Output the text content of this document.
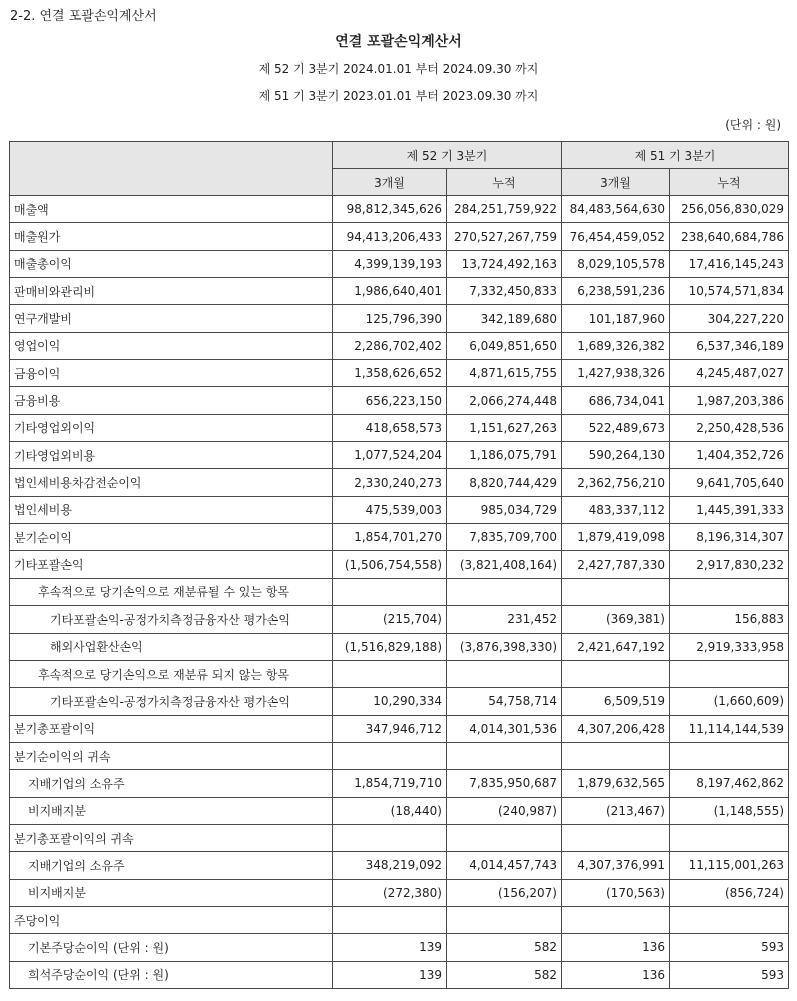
2-2. 연결 포괄손익계산서
연결 포괄손익계산서
제 52 기 3분기 2024.01.01 부터 2024.09.30 까지
제 51 기 3분기 2023.01.01 부터 2023.09.30 까지
(단위 : 원)
	제 52 기 3분기		제 51 기 3분기	
	3개월	누적	3개월	누적
매출액	98,812,345,626	284,251,759,922	84,483,564,630	256,056,830,029
매출원가	94,413,206,433	270,527,267,759	76,454,459,052	238,640,684,786
매출총이익	4,399,139,193	13,724,492,163	8,029,105,578	17,416,145,243
판매비와관리비	1,986,640,401	7,332,450,833	6,238,591,236	10,574,571,834
연구개발비	125,796,390	342,189,680	101,187,960	304,227,220
영업이익	2,286,702,402	6,049,851,650	1,689,326,382	6,537,346,189
금융이익	1,358,626,652	4,871,615,755	1,427,938,326	4,245,487,027
금융비용	656,223,150	2,066,274,448	686,734,041	1,987,203,386
기타영업외이익	418,658,573	1,151,627,263	522,489,673	2,250,428,536
기타영업외비용	1,077,524,204	1,186,075,791	590,264,130	1,404,352,726
법인세비용차감전순이익	2,330,240,273	8,820,744,429	2,362,756,210	9,641,705,640
법인세비용	475,539,003	985,034,729	483,337,112	1,445,391,333
분기순이익	1,854,701,270	7,835,709,700	1,879,419,098	8,196,314,307
기타포괄손익	(1,506,754,558)	(3,821,408,164)	2,427,787,330	2,917,830,232
후속적으로 당기손익으로 재분류될 수 있는 항목				
기타포괄손익-공정가치측정금융자산 평가손익	(215,704)	231,452	(369,381)	156,883
해외사업환산손익	(1,516,829,188)	(3,876,398,330)	2,421,647,192	2,919,333,958
후속적으로 당기손익으로 재분류 되지 않는 항목				
기타포괄손익-공정가치측정금융자산 평가손익	10,290,334	54,758,714	6,509,519	(1,660,609)
분기총포괄이익	347,946,712	4,014,301,536	4,307,206,428	11,114,144,539
분기순이익의 귀속				
지배기업의 소유주	1,854,719,710	7,835,950,687	1,879,632,565	8,197,462,862
비지배지분	(18,440)	(240,987)	(213,467)	(1,148,555)
분기총포괄이익의 귀속				
지배기업의 소유주	348,219,092	4,014,457,743	4,307,376,991	11,115,001,263
비지배지분	(272,380)	(156,207)	(170,563)	(856,724)
주당이익				
기본주당순이익 (단위 : 원)	139	582	136	593
희석주당순이익 (단위 : 원)	139	582	136	593
